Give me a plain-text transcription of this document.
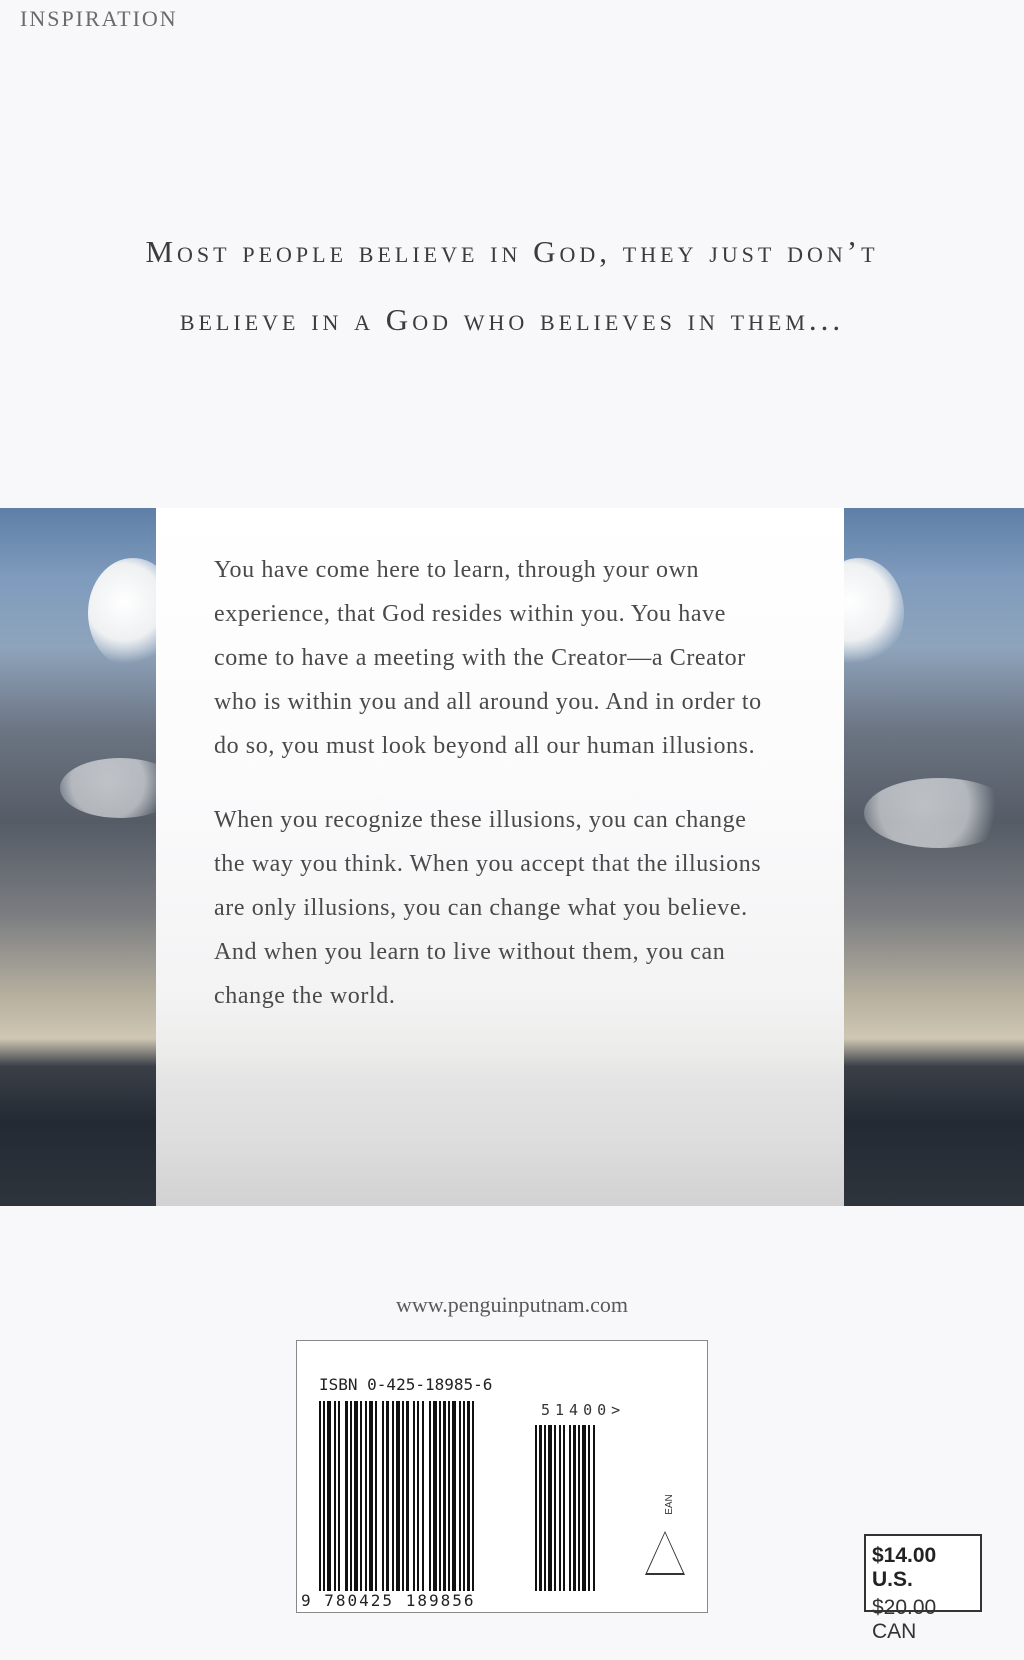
INSPIRATION
Most people believe in God, they just don’t

believe in a God who believes in them...

You have come here to learn, through your own experience, that God resides within you. You have come to have a meeting with the Creator—a Creator who is within you and all around you. And in order to do so, you must look beyond all our human illusions.

When you recognize these illusions, you can change the way you think. When you accept that the illusions are only illusions, you can change what you believe. And when you learn to live without them, you can change the world.

www.penguinputnam.com
ISBN 0-425-18985-6
9 780425 189856
51400>
EAN
$14.00 U.S.
$20.00 CAN
